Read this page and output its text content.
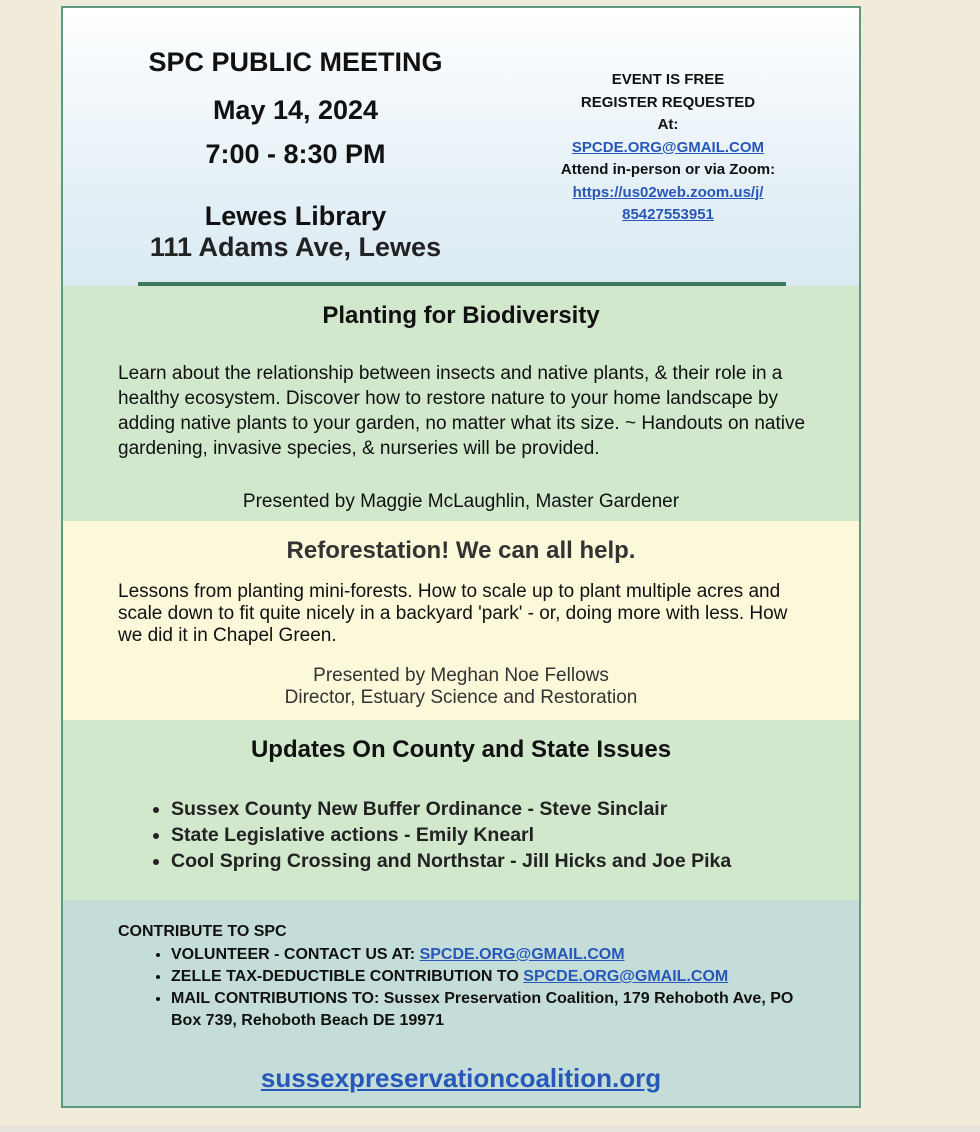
SPC PUBLIC MEETING
May 14, 2024
7:00 - 8:30 PM
Lewes Library
111 Adams Ave, Lewes
EVENT IS FREE
REGISTER REQUESTED
At:
SPCDE.ORG@GMAIL.COM
Attend in-person or via Zoom:
https://us02web.zoom.us/j/
85427553951
Planting for Biodiversity
Learn about the relationship between insects and native plants, & their role in a healthy ecosystem. Discover how to restore nature to your home landscape by adding native plants to your garden, no matter what its size. ~ Handouts on native gardening, invasive species, & nurseries will be provided.
Presented by Maggie McLaughlin, Master Gardener
Reforestation! We can all help.
Lessons from planting mini-forests. How to scale up to plant multiple acres and scale down to fit quite nicely in a backyard 'park' - or, doing more with less. How we did it in Chapel Green.
Presented by Meghan Noe Fellows
Director, Estuary Science and Restoration
Updates On County and State Issues
• Sussex County New Buffer Ordinance - Steve Sinclair
• State Legislative actions - Emily Knearl
• Cool Spring Crossing and Northstar - Jill Hicks and Joe Pika
CONTRIBUTE TO SPC
• VOLUNTEER - CONTACT US AT: SPCDE.ORG@GMAIL.COM
• ZELLE TAX-DEDUCTIBLE CONTRIBUTION TO SPCDE.ORG@GMAIL.COM
• MAIL CONTRIBUTIONS TO: Sussex Preservation Coalition, 179 Rehoboth Ave, PO Box 739, Rehoboth Beach DE 19971
sussexpreservationcoalition.org
